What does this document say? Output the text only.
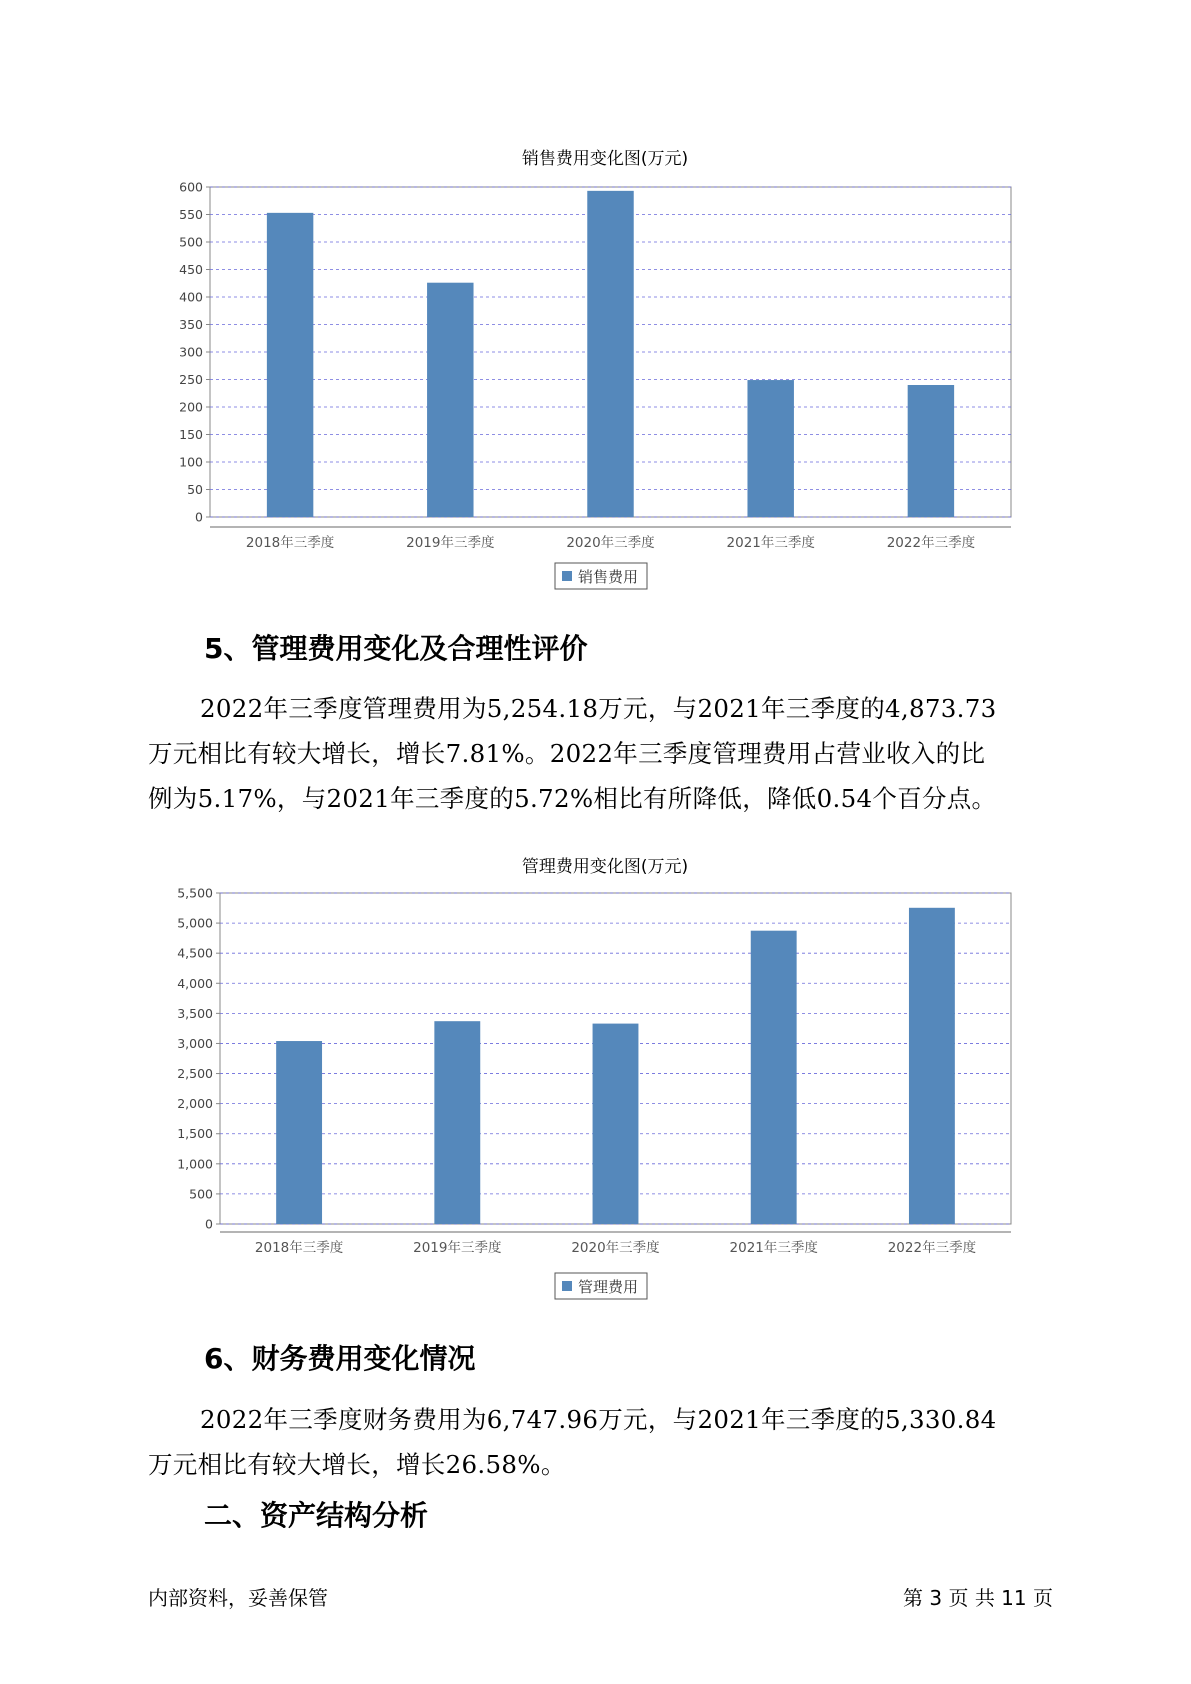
销售费用变化图(万元)
0
50
100
150
200
250
300
350
400
450
500
550
600
2018年三季度	2019年三季度	2020年三季度	2021年三季度	2022年三季度
销售费用
管理费用变化图(万元)
0
500
1,000
1,500
2,000
2,500
3,000
3,500
4,000
4,500
5,000
5,500
2018年三季度	2019年三季度	2020年三季度	2021年三季度	2022年三季度
管理费用
5、管理费用变化及合理性评价
2022年三季度管理费用为5,254.18万元，与2021年三季度的4,873.73
万元相比有较大增长，增长7.81%。2022年三季度管理费用占营业收入的比
例为5.17%，与2021年三季度的5.72%相比有所降低，降低0.54个百分点。
6、财务费用变化情况
2022年三季度财务费用为6,747.96万元，与2021年三季度的5,330.84
万元相比有较大增长，增长26.58%。
二、资产结构分析
内部资料，妥善保管	第 3 页 共 11 页
